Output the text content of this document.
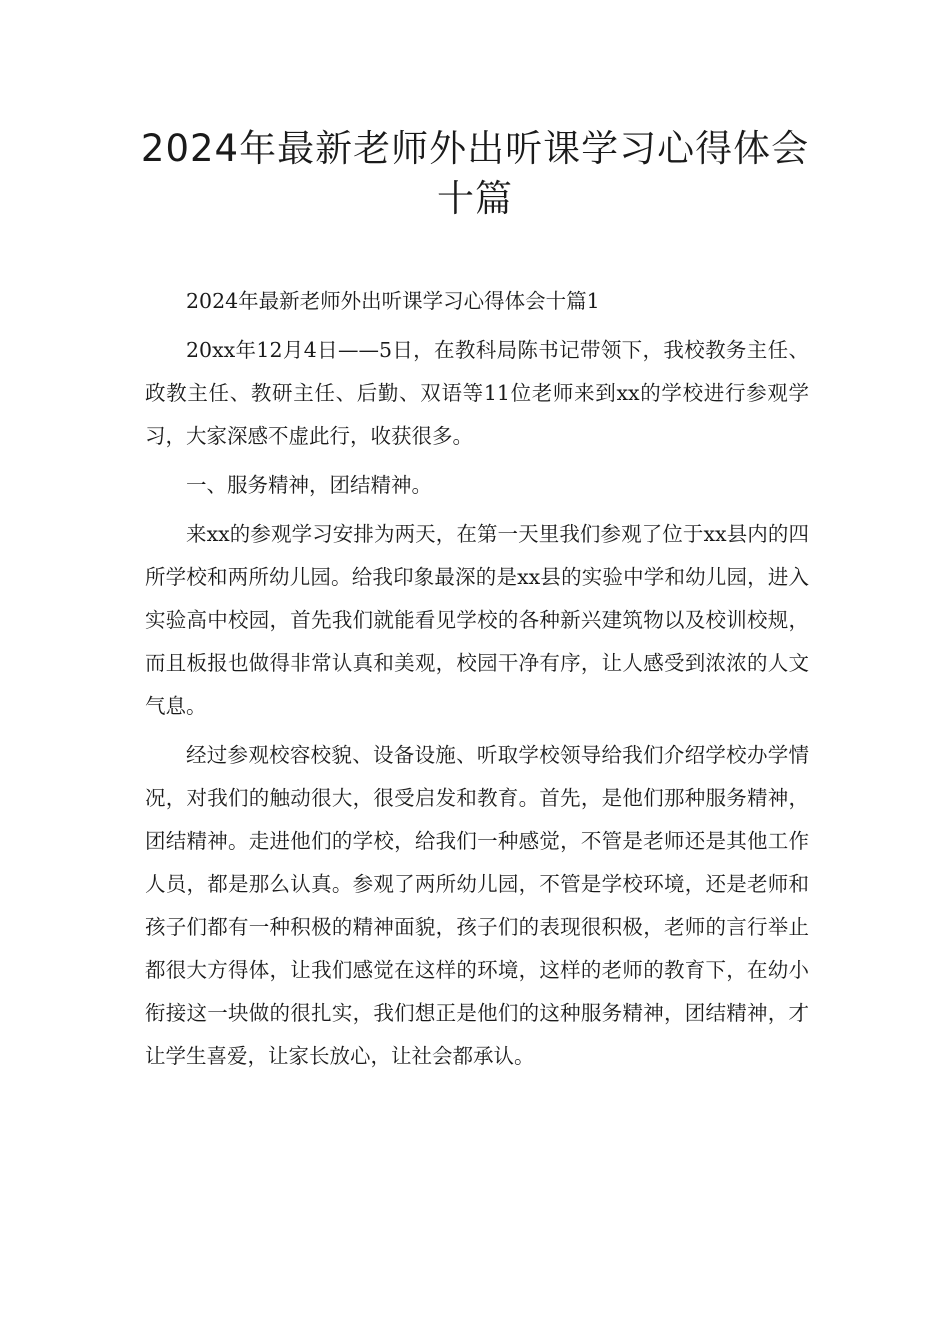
2024年最新老师外出听课学习心得体会
十篇

2024年最新老师外出听课学习心得体会十篇1

20xx年12月4日——5日，在教科局陈书记带领下，我校教务主任、政教主任、教研主任、后勤、双语等11位老师来到xx的学校进行参观学习，大家深感不虚此行，收获很多。

一、服务精神，团结精神。

来xx的参观学习安排为两天，在第一天里我们参观了位于xx县内的四所学校和两所幼儿园。给我印象最深的是xx县的实验中学和幼儿园，进入实验高中校园，首先我们就能看见学校的各种新兴建筑物以及校训校规，而且板报也做得非常认真和美观，校园干净有序，让人感受到浓浓的人文气息。

经过参观校容校貌、设备设施、听取学校领导给我们介绍学校办学情况，对我们的触动很大，很受启发和教育。首先，是他们那种服务精神，团结精神。走进他们的学校，给我们一种感觉，不管是老师还是其他工作人员，都是那么认真。参观了两所幼儿园，不管是学校环境，还是老师和孩子们都有一种积极的精神面貌，孩子们的表现很积极，老师的言行举止都很大方得体，让我们感觉在这样的环境，这样的老师的教育下，在幼小衔接这一块做的很扎实，我们想正是他们的这种服务精神，团结精神，才让学生喜爱，让家长放心，让社会都承认。
